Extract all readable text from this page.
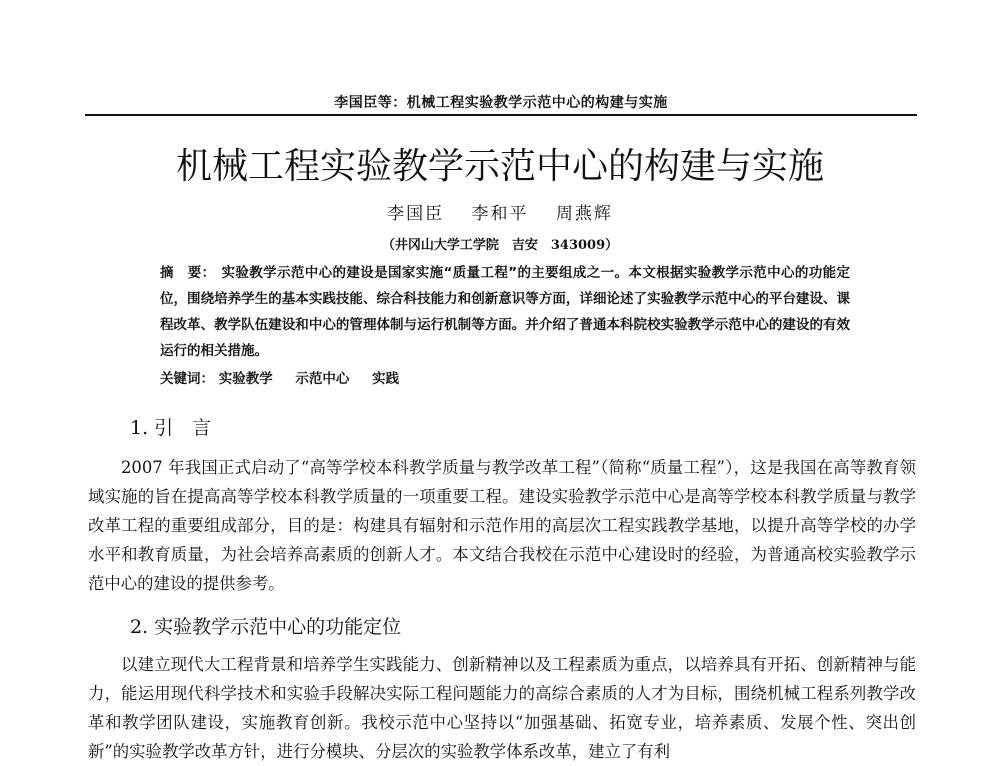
李国臣等：机械工程实验教学示范中心的构建与实施
机械工程实验教学示范中心的构建与实施
李国臣 李和平 周燕辉
（井冈山大学工学院　吉安　343009）
摘　要： 实验教学示范中心的建设是国家实施“质量工程”的主要组成之一。本文根据实验教学示范中心的功能定位，围绕培养学生的基本实践技能、综合科技能力和创新意识等方面，详细论述了实验教学示范中心的平台建设、课程改革、教学队伍建设和中心的管理体制与运行机制等方面。并介绍了普通本科院校实验教学示范中心的建设的有效运行的相关措施。
关键词： 实验教学 示范中心 实践
1. 引　言

2007 年我国正式启动了“高等学校本科教学质量与教学改革工程”（简称“质量工程”），这是我国在高等教育领域实施的旨在提高高等学校本科教学质量的一项重要工程。建设实验教学示范中心是高等学校本科教学质量与教学改革工程的重要组成部分，目的是：构建具有辐射和示范作用的高层次工程实践教学基地，以提升高等学校的办学水平和教育质量，为社会培养高素质的创新人才。本文结合我校在示范中心建设时的经验，为普通高校实验教学示范中心的建设的提供参考。

2. 实验教学示范中心的功能定位

以建立现代大工程背景和培养学生实践能力、创新精神以及工程素质为重点，以培养具有开拓、创新精神与能力，能运用现代科学技术和实验手段解决实际工程问题能力的高综合素质的人才为目标，围绕机械工程系列教学改革和教学团队建设，实施教育创新。我校示范中心坚持以“加强基础、拓宽专业，培养素质、发展个性、突出创新”的实验教学改革方针，进行分模块、分层次的实验教学体系改革，建立了有利
